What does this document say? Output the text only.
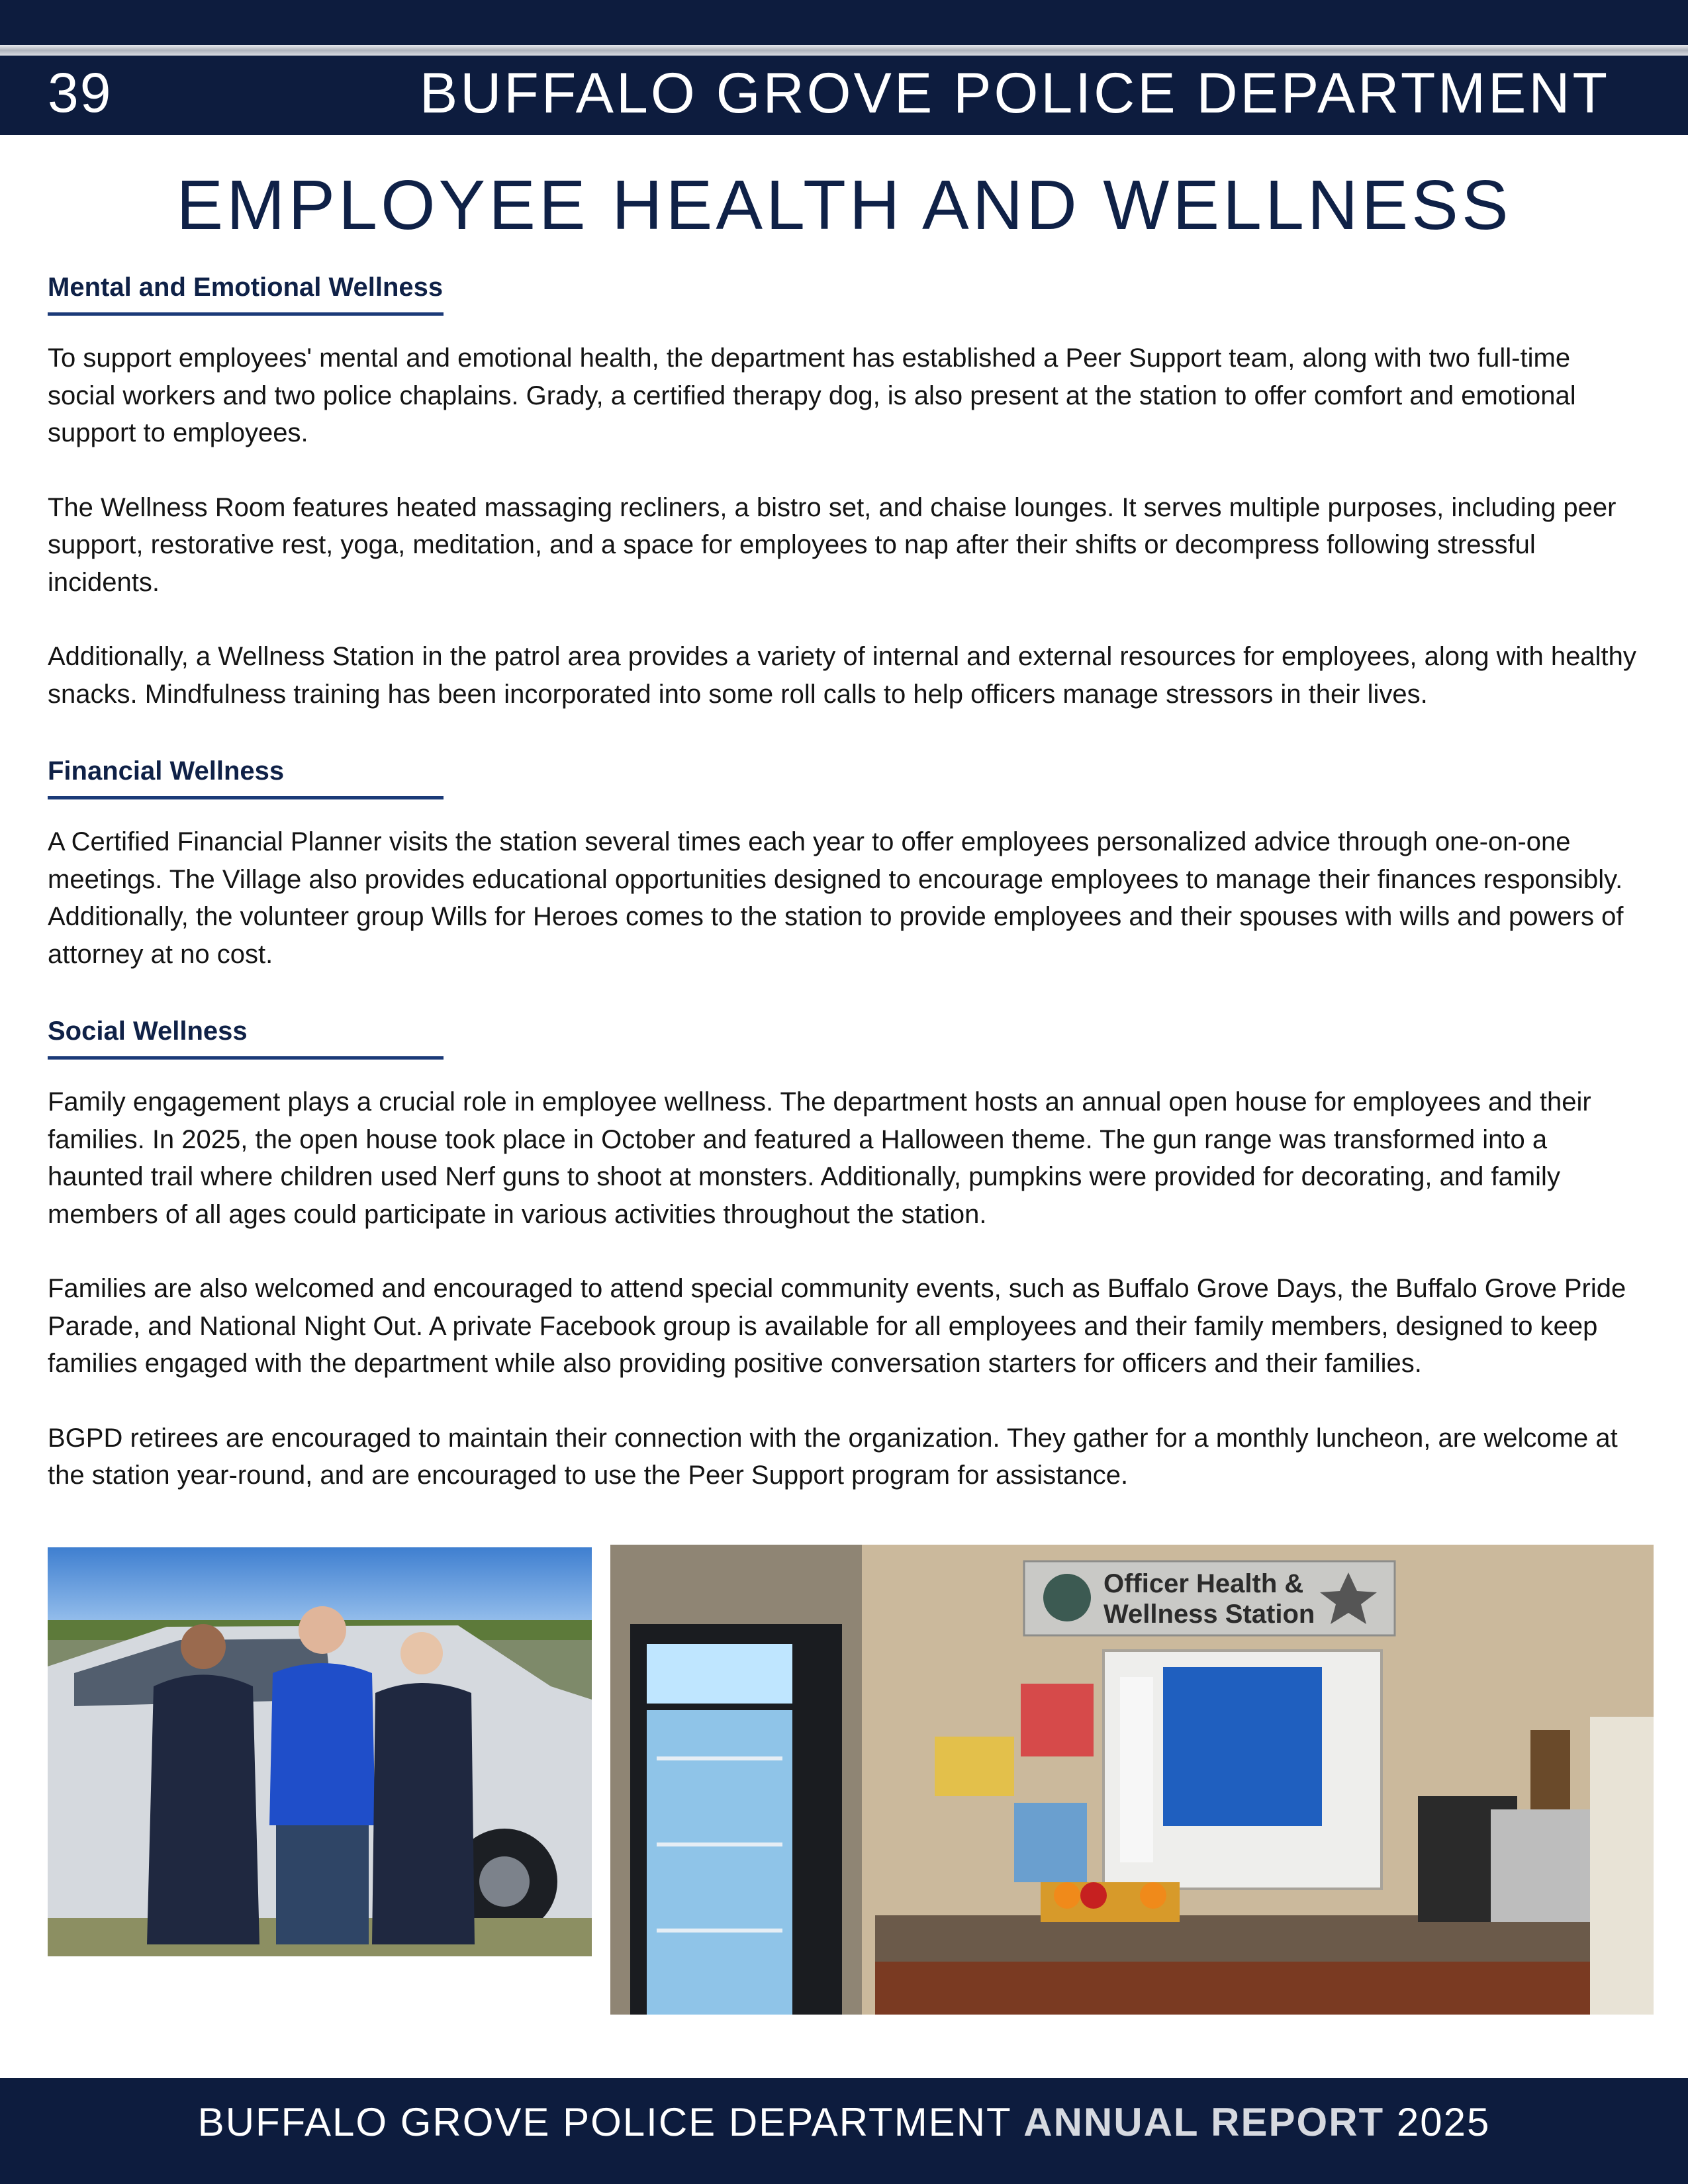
39	BUFFALO GROVE POLICE DEPARTMENT
EMPLOYEE HEALTH AND WELLNESS
Mental and Emotional Wellness

To support employees' mental and emotional health, the department has established a Peer Support team, along with two full-time social workers and two police chaplains. Grady, a certified therapy dog, is also present at the station to offer comfort and emotional support to employees.

The Wellness Room features heated massaging recliners, a bistro set, and chaise lounges. It serves multiple purposes, including peer support, restorative rest, yoga, meditation, and a space for employees to nap after their shifts or decompress following stressful incidents.

Additionally, a Wellness Station in the patrol area provides a variety of internal and external resources for employees, along with healthy snacks. Mindfulness training has been incorporated into some roll calls to help officers manage stressors in their lives.

Financial Wellness

A Certified Financial Planner visits the station several times each year to offer employees personalized advice through one-on-one meetings. The Village also provides educational opportunities designed to encourage employees to manage their finances responsibly. Additionally, the volunteer group Wills for Heroes comes to the station to provide employees and their spouses with wills and powers of attorney at no cost.

Social Wellness

Family engagement plays a crucial role in employee wellness. The department hosts an annual open house for employees and their families. In 2025, the open house took place in October and featured a Halloween theme. The gun range was transformed into a haunted trail where children used Nerf guns to shoot at monsters. Additionally, pumpkins were provided for decorating, and family members of all ages could participate in various activities throughout the station.

Families are also welcomed and encouraged to attend special community events, such as Buffalo Grove Days, the Buffalo Grove Pride Parade, and National Night Out. A private Facebook group is available for all employees and their family members, designed to keep families engaged with the department while also providing positive conversation starters for officers and their families.

BGPD retirees are encouraged to maintain their connection with the organization. They gather for a monthly luncheon, are welcome at the station year-round, and are encouraged to use the Peer Support program for assistance.

Officer Health &
Wellness Station
BUFFALO GROVE POLICE DEPARTMENT ANNUAL REPORT 2025
